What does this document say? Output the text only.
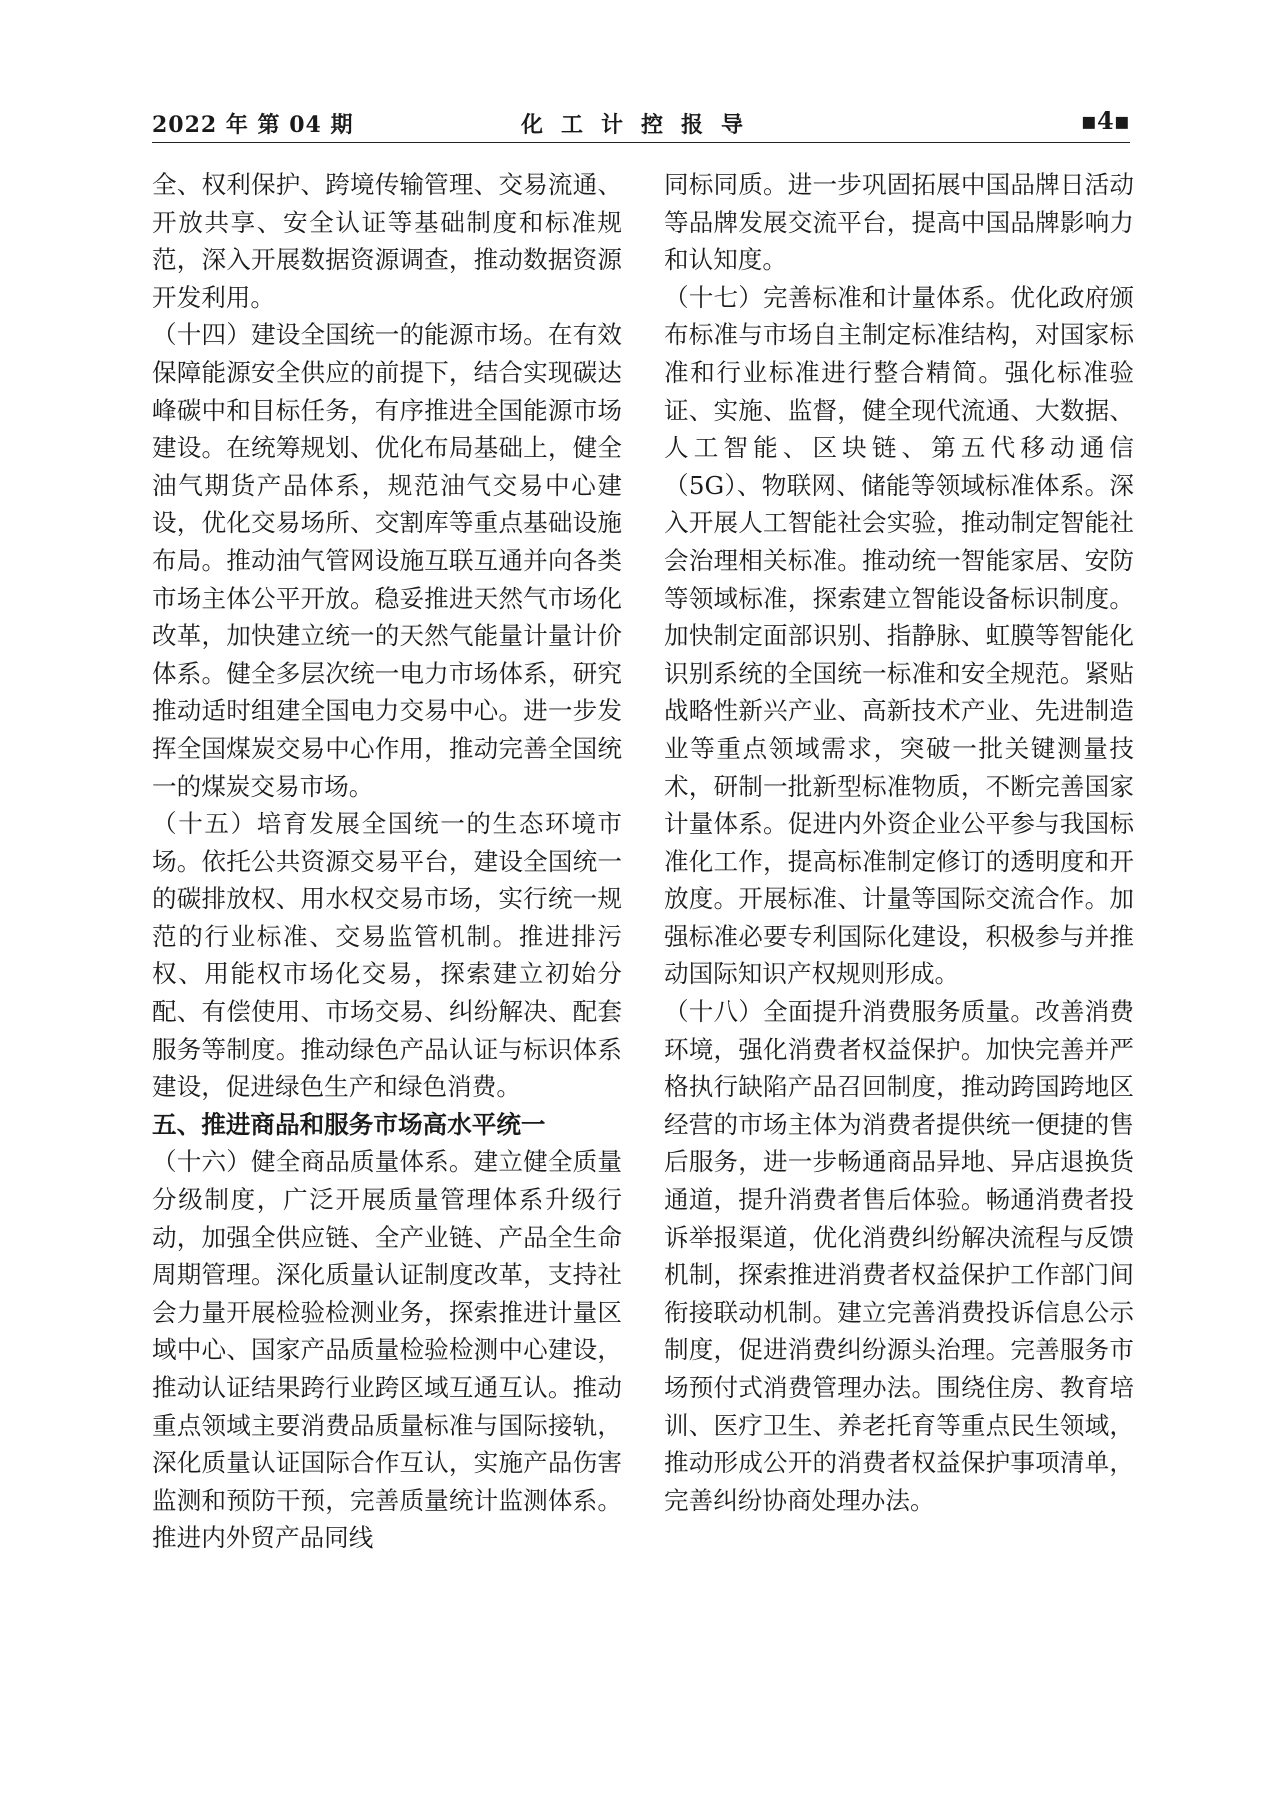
2022 年 第 04 期	化工计控报导	▪4▪

全、权利保护、跨境传输管理、交易流通、开放共享、安全认证等基础制度和标准规范，深入开展数据资源调查，推动数据资源开发利用。

（十四）建设全国统一的能源市场。在有效保障能源安全供应的前提下，结合实现碳达峰碳中和目标任务，有序推进全国能源市场建设。在统筹规划、优化布局基础上，健全油气期货产品体系，规范油气交易中心建设，优化交易场所、交割库等重点基础设施布局。推动油气管网设施互联互通并向各类市场主体公平开放。稳妥推进天然气市场化改革，加快建立统一的天然气能量计量计价体系。健全多层次统一电力市场体系，研究推动适时组建全国电力交易中心。进一步发挥全国煤炭交易中心作用，推动完善全国统一的煤炭交易市场。

（十五）培育发展全国统一的生态环境市场。依托公共资源交易平台，建设全国统一的碳排放权、用水权交易市场，实行统一规范的行业标准、交易监管机制。推进排污权、用能权市场化交易，探索建立初始分配、有偿使用、市场交易、纠纷解决、配套服务等制度。推动绿色产品认证与标识体系建设，促进绿色生产和绿色消费。

五、推进商品和服务市场高水平统一

（十六）健全商品质量体系。建立健全质量分级制度，广泛开展质量管理体系升级行动，加强全供应链、全产业链、产品全生命周期管理。深化质量认证制度改革，支持社会力量开展检验检测业务，探索推进计量区域中心、国家产品质量检验检测中心建设，推动认证结果跨行业跨区域互通互认。推动重点领域主要消费品质量标准与国际接轨，深化质量认证国际合作互认，实施产品伤害监测和预防干预，完善质量统计监测体系。推进内外贸产品同线

同标同质。进一步巩固拓展中国品牌日活动等品牌发展交流平台，提高中国品牌影响力和认知度。

（十七）完善标准和计量体系。优化政府颁布标准与市场自主制定标准结构，对国家标准和行业标准进行整合精简。强化标准验证、实施、监督，健全现代流通、大数据、人工智能、区块链、第五代移动通信（5G）、物联网、储能等领域标准体系。深入开展人工智能社会实验，推动制定智能社会治理相关标准。推动统一智能家居、安防等领域标准，探索建立智能设备标识制度。加快制定面部识别、指静脉、虹膜等智能化识别系统的全国统一标准和安全规范。紧贴战略性新兴产业、高新技术产业、先进制造业等重点领域需求，突破一批关键测量技术，研制一批新型标准物质，不断完善国家计量体系。促进内外资企业公平参与我国标准化工作，提高标准制定修订的透明度和开放度。开展标准、计量等国际交流合作。加强标准必要专利国际化建设，积极参与并推动国际知识产权规则形成。

（十八）全面提升消费服务质量。改善消费环境，强化消费者权益保护。加快完善并严格执行缺陷产品召回制度，推动跨国跨地区经营的市场主体为消费者提供统一便捷的售后服务，进一步畅通商品异地、异店退换货通道，提升消费者售后体验。畅通消费者投诉举报渠道，优化消费纠纷解决流程与反馈机制，探索推进消费者权益保护工作部门间衔接联动机制。建立完善消费投诉信息公示制度，促进消费纠纷源头治理。完善服务市场预付式消费管理办法。围绕住房、教育培训、医疗卫生、养老托育等重点民生领域，推动形成公开的消费者权益保护事项清单，完善纠纷协商处理办法。
